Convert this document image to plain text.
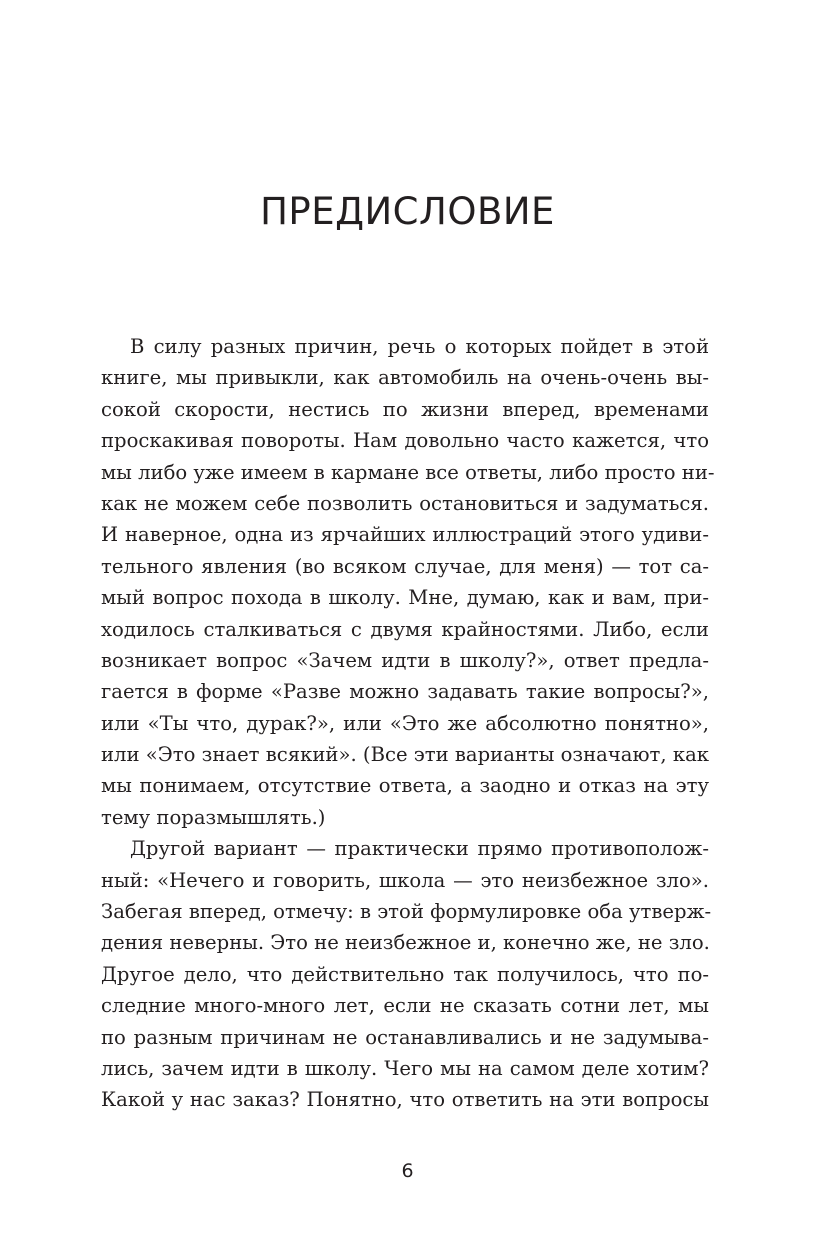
ПРЕДИСЛОВИЕ
В силу разных причин, речь о которых пойдет в этой
книге, мы привыкли, как автомобиль на очень-очень вы-
сокой скорости, нестись по жизни вперед, временами
проскакивая повороты. Нам довольно часто кажется, что
мы либо уже имеем в кармане все ответы, либо просто ни-
как не можем себе позволить остановиться и задуматься.
И наверное, одна из ярчайших иллюстраций этого удиви-
тельного явления (во всяком случае, для меня) — тот са-
мый вопрос похода в школу. Мне, думаю, как и вам, при-
ходилось сталкиваться с двумя крайностями. Либо, если
возникает вопрос «Зачем идти в школу?», ответ предла-
гается в форме «Разве можно задавать такие вопросы?»,
или «Ты что, дурак?», или «Это же абсолютно понятно»,
или «Это знает всякий». (Все эти варианты означают, как
мы понимаем, отсутствие ответа, а заодно и отказ на эту
тему поразмышлять.)
Другой вариант — практически прямо противополож-
ный: «Нечего и говорить, школа — это неизбежное зло».
Забегая вперед, отмечу: в этой формулировке оба утверж-
дения неверны. Это не неизбежное и, конечно же, не зло.
Другое дело, что действительно так получилось, что по-
следние много-много лет, если не сказать сотни лет, мы
по разным причинам не останавливались и не задумыва-
лись, зачем идти в школу. Чего мы на самом деле хотим?
Какой у нас заказ? Понятно, что ответить на эти вопросы
6
